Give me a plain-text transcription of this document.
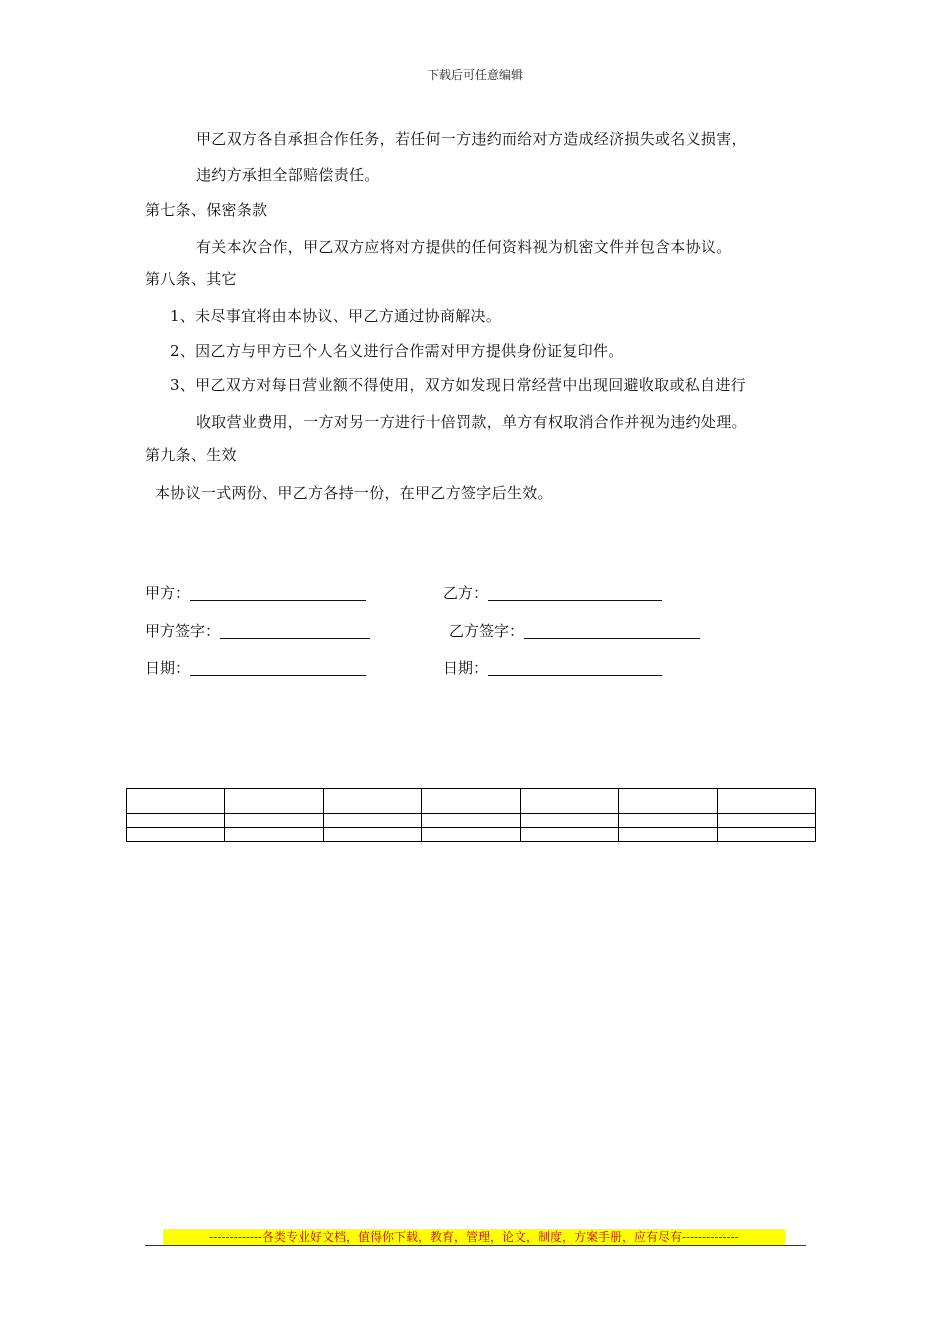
下载后可任意编辑
甲乙双方各自承担合作任务，若任何一方违约而给对方造成经济损失或名义损害，
违约方承担全部赔偿责任。
第七条、保密条款
有关本次合作，甲乙双方应将对方提供的任何资料视为机密文件并包含本协议。
第八条、其它
1、未尽事宜将由本协议、甲乙方通过协商解决。
2、因乙方与甲方已个人名义进行合作需对甲方提供身份证复印件。
3、甲乙双方对每日营业额不得使用，双方如发现日常经营中出现回避收取或私自进行
收取营业费用，一方对另一方进行十倍罚款，单方有权取消合作并视为违约处理。
第九条、生效
本协议一式两份、甲乙方各持一份，在甲乙方签字后生效。
甲方：	乙方：
甲方签字：	乙方签字：
日期：	日期：

-------------各类专业好文档，值得你下载，教育，管理，论文，制度，方案手册，应有尽有--------------
